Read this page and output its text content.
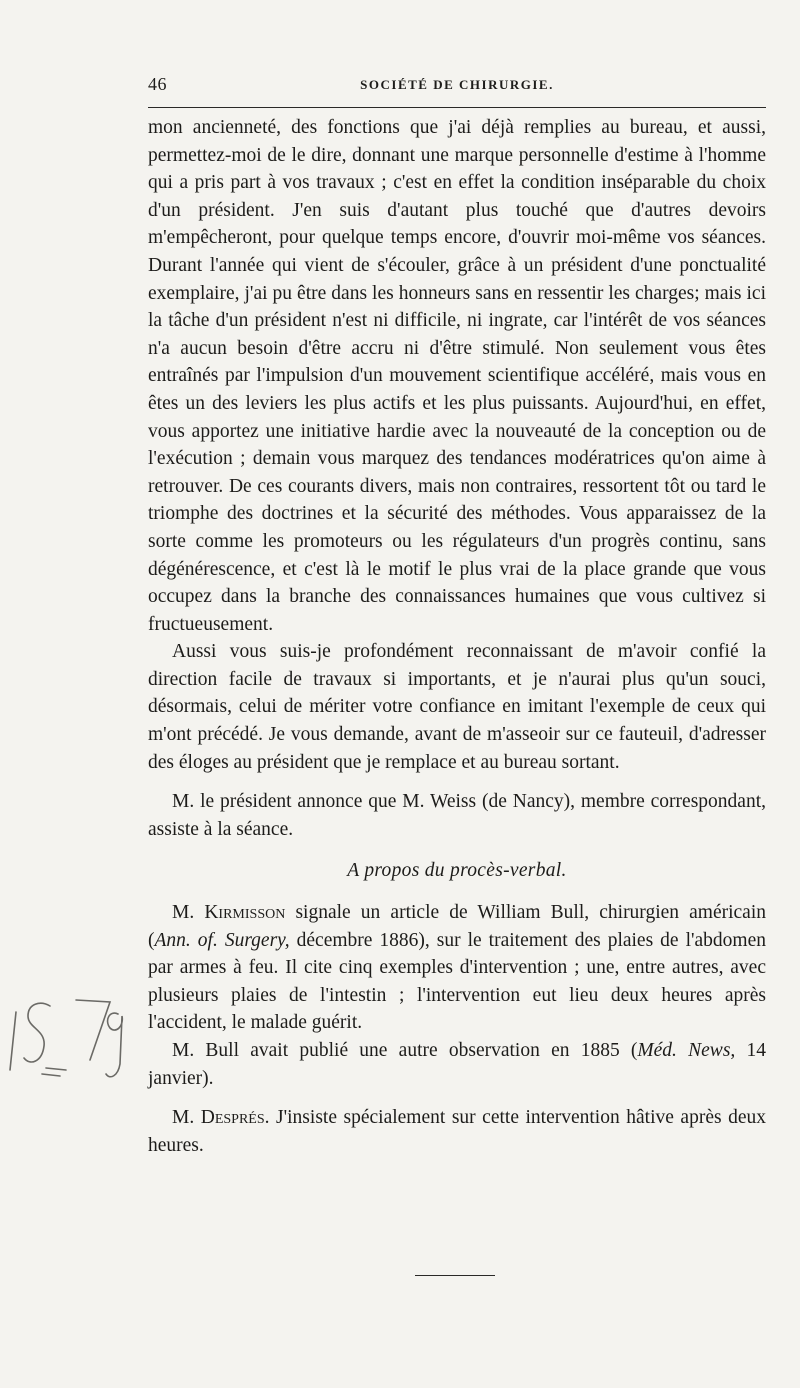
46	SOCIÉTÉ DE CHIRURGIE.

mon ancienneté, des fonctions que j'ai déjà remplies au bureau, et aussi, permettez-moi de le dire, donnant une marque personnelle d'estime à l'homme qui a pris part à vos travaux ; c'est en effet la condition inséparable du choix d'un président. J'en suis d'autant plus touché que d'autres devoirs m'empêcheront, pour quelque temps encore, d'ouvrir moi-même vos séances. Durant l'année qui vient de s'écouler, grâce à un président d'une ponctualité exemplaire, j'ai pu être dans les honneurs sans en ressentir les charges; mais ici la tâche d'un président n'est ni difficile, ni ingrate, car l'intérêt de vos séances n'a aucun besoin d'être accru ni d'être stimulé. Non seulement vous êtes entraînés par l'impulsion d'un mouvement scientifique accéléré, mais vous en êtes un des leviers les plus actifs et les plus puissants. Aujourd'hui, en effet, vous apportez une initiative hardie avec la nouveauté de la conception ou de l'exécution ; demain vous marquez des tendances modératrices qu'on aime à retrouver. De ces courants divers, mais non contraires, ressortent tôt ou tard le triomphe des doctrines et la sécurité des méthodes. Vous apparaissez de la sorte comme les promoteurs ou les régulateurs d'un progrès continu, sans dégénérescence, et c'est là le motif le plus vrai de la place grande que vous occupez dans la branche des connaissances humaines que vous cultivez si fructueusement.

Aussi vous suis-je profondément reconnaissant de m'avoir confié la direction facile de travaux si importants, et je n'aurai plus qu'un souci, désormais, celui de mériter votre confiance en imitant l'exemple de ceux qui m'ont précédé. Je vous demande, avant de m'asseoir sur ce fauteuil, d'adresser des éloges au président que je remplace et au bureau sortant.

M. le président annonce que M. Weiss (de Nancy), membre correspondant, assiste à la séance.

A propos du procès-verbal.

M. Kirmisson signale un article de William Bull, chirurgien américain (Ann. of. Surgery, décembre 1886), sur le traitement des plaies de l'abdomen par armes à feu. Il cite cinq exemples d'intervention ; une, entre autres, avec plusieurs plaies de l'intestin ; l'intervention eut lieu deux heures après l'accident, le malade guérit.

M. Bull avait publié une autre observation en 1885 (Méd. News, 14 janvier).

M. Després. J'insiste spécialement sur cette intervention hâtive après deux heures.
